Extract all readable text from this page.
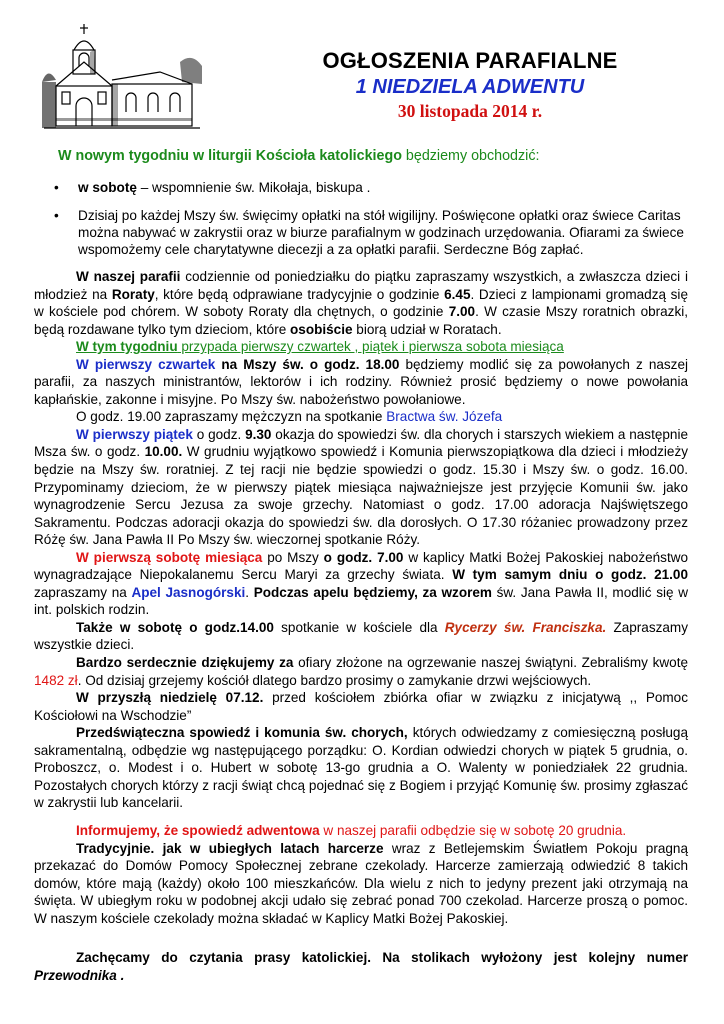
OGŁOSZENIA PARAFIALNE
1 NIEDZIELA ADWENTU
30 listopada 2014 r.
W nowym tygodniu w liturgii Kościoła katolickiego będziemy obchodzić:
• w sobotę – wspomnienie św. Mikołaja, biskupa .
• Dzisiaj po każdej Mszy św. święcimy opłatki na stół wigilijny. Poświęcone opłatki oraz świece Caritas można nabywać w zakrystii oraz w biurze parafialnym w godzinach urzędowania. Ofiarami za świece wspomożemy cele charytatywne diecezji a za opłatki parafii. Serdeczne Bóg zapłać.

W naszej parafii codziennie od poniedziałku do piątku zapraszamy wszystkich, a zwłaszcza dzieci i młodzież na Roraty, które będą odprawiane tradycyjnie o godzinie 6.45. Dzieci z lampionami gromadzą się w kościele pod chórem. W soboty Roraty dla chętnych, o godzinie 7.00. W czasie Mszy roratnich obrazki, będą rozdawane tylko tym dzieciom, które osobiście biorą udział w Roratach.

W tym tygodniu przypada pierwszy czwartek , piątek i pierwsza sobota miesiąca

W pierwszy czwartek na Mszy św. o godz. 18.00 będziemy modlić się za powołanych z naszej parafii, za naszych ministrantów, lektorów i ich rodziny. Również prosić będziemy o nowe powołania kapłańskie, zakonne i misyjne. Po Mszy św. nabożeństwo powołaniowe.

O godz. 19.00 zapraszamy mężczyzn na spotkanie Bractwa św. Józefa

W pierwszy piątek o godz. 9.30 okazja do spowiedzi św. dla chorych i starszych wiekiem a następnie Msza św. o godz. 10.00. W grudniu wyjątkowo spowiedź i Komunia pierwszopiątkowa dla dzieci i młodzieży będzie na Mszy św. roratniej. Z tej racji nie będzie spowiedzi o godz. 15.30 i Mszy św. o godz. 16.00. Przypominamy dzieciom, że w pierwszy piątek miesiąca najważniejsze jest przyjęcie Komunii św. jako wynagrodzenie Sercu Jezusa za swoje grzechy. Natomiast o godz. 17.00 adoracja Najświętszego Sakramentu. Podczas adoracji okazja do spowiedzi św. dla dorosłych. O 17.30 różaniec prowadzony przez Różę św. Jana Pawła II Po Mszy św. wieczornej spotkanie Róży.

W pierwszą sobotę miesiąca po Mszy o godz. 7.00 w kaplicy Matki Bożej Pakoskiej nabożeństwo wynagradzające Niepokalanemu Sercu Maryi za grzechy świata. W tym samym dniu o godz. 21.00 zapraszamy na Apel Jasnogórski. Podczas apelu będziemy, za wzorem św. Jana Pawła II, modlić się w int. polskich rodzin.

Także w sobotę o godz.14.00 spotkanie w kościele dla Rycerzy św. Franciszka. Zapraszamy wszystkie dzieci.

Bardzo serdecznie dziękujemy za ofiary złożone na ogrzewanie naszej świątyni. Zebraliśmy kwotę 1482 zł. Od dzisiaj grzejemy kościół dlatego bardzo prosimy o zamykanie drzwi wejściowych.

W przyszłą niedzielę 07.12. przed kościołem zbiórka ofiar w związku z inicjatywą ,, Pomoc Kościołowi na Wschodzie”

Przedświąteczna spowiedź i komunia św. chorych, których odwiedzamy z comiesięczną posługą sakramentalną, odbędzie wg następującego porządku: O. Kordian odwiedzi chorych w piątek 5 grudnia, o. Proboszcz, o. Modest i o. Hubert w sobotę 13-go grudnia a O. Walenty w poniedziałek 22 grudnia. Pozostałych chorych którzy z racji świąt chcą pojednać się z Bogiem i przyjąć Komunię św. prosimy zgłaszać w zakrystii lub kancelarii.

Informujemy, że spowiedź adwentowa w naszej parafii odbędzie się w sobotę 20 grudnia.

Tradycyjnie. jak w ubiegłych latach harcerze wraz z Betlejemskim Światłem Pokoju pragną przekazać do Domów Pomocy Społecznej zebrane czekolady. Harcerze zamierzają odwiedzić 8 takich domów, które mają (każdy) około 100 mieszkańców. Dla wielu z nich to jedyny prezent jaki otrzymają na święta. W ubiegłym roku w podobnej akcji udało się zebrać ponad 700 czekolad. Harcerze proszą o pomoc. W naszym kościele czekolady można składać w Kaplicy Matki Bożej Pakoskiej.

Zachęcamy do czytania prasy katolickiej. Na stolikach wyłożony jest kolejny numer Przewodnika .
